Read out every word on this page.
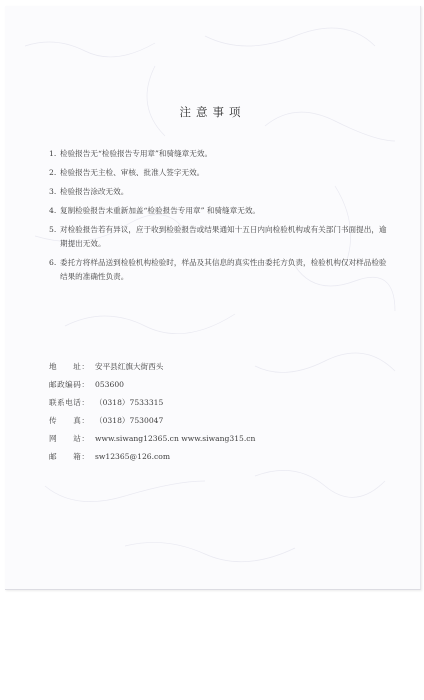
注意事项
1. 检验报告无“检验报告专用章”和骑缝章无效。
2. 检验报告无主检、审核、批准人签字无效。
3. 检验报告涂改无效。
4. 复制检验报告未重新加盖“检验报告专用章” 和骑缝章无效。
5. 对检验报告若有异议，应于收到检验报告或结果通知十五日内向检验机构或有关部门书面提出，逾期提出无效。
6. 委托方将样品送到检验机构检验时，样品及其信息的真实性由委托方负责，检验机构仅对样品检验结果的准确性负责。
地　　址： 安平县红旗大街西头
邮政编码： 053600
联系电话： （0318）7533315
传　　真： （0318）7530047
网　　站： www.siwang12365.cn www.siwang315.cn
邮　　箱： sw12365@126.com
